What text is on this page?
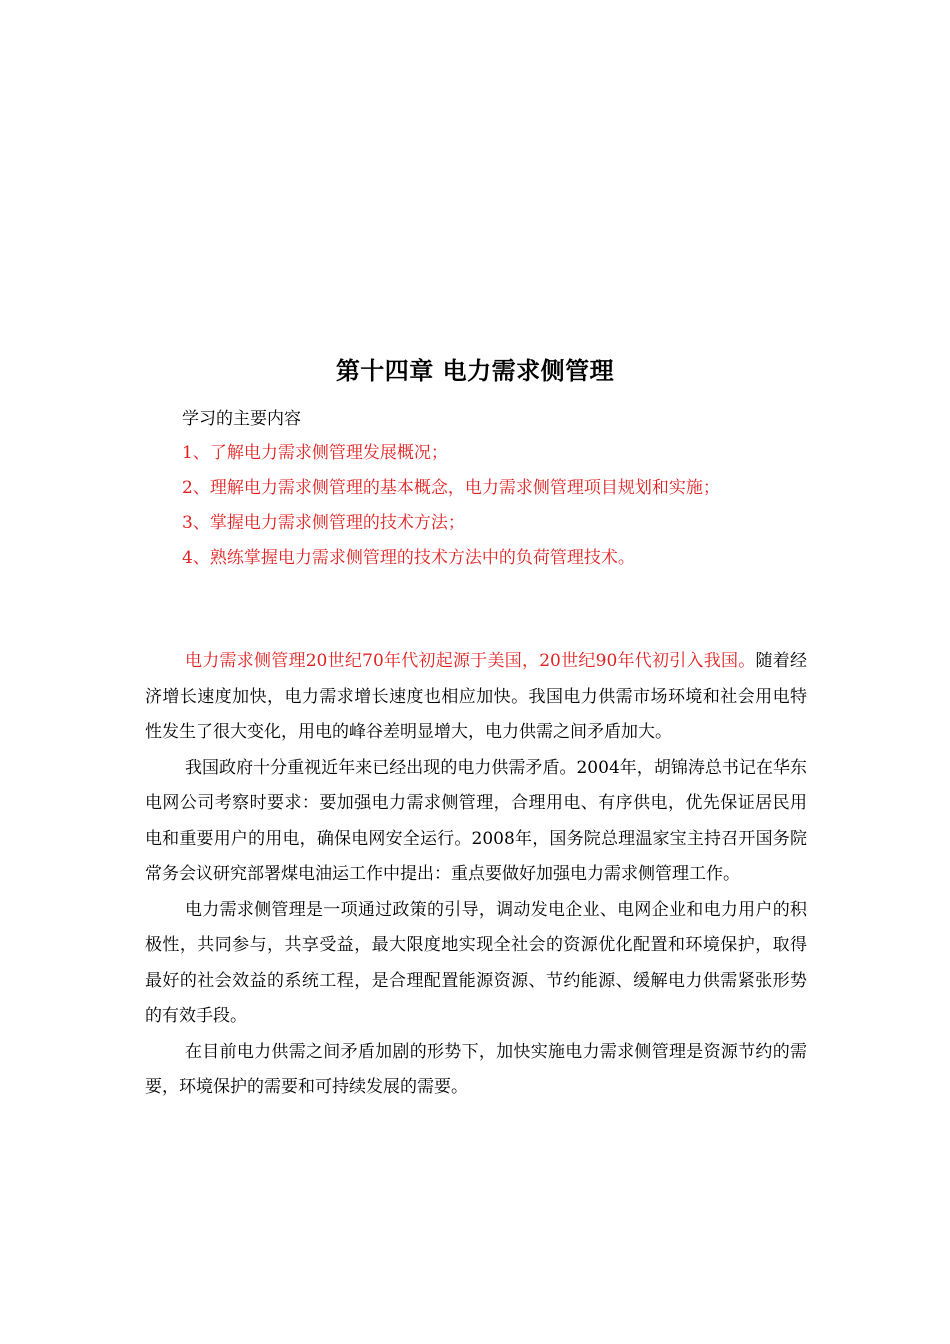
第十四章 电力需求侧管理
学习的主要内容
1、了解电力需求侧管理发展概况；
2、理解电力需求侧管理的基本概念，电力需求侧管理项目规划和实施；
3、掌握电力需求侧管理的技术方法；
4、熟练掌握电力需求侧管理的技术方法中的负荷管理技术。

电力需求侧管理20世纪70年代初起源于美国，20世纪90年代初引入我国。随着经济增长速度加快，电力需求增长速度也相应加快。我国电力供需市场环境和社会用电特性发生了很大变化，用电的峰谷差明显增大，电力供需之间矛盾加大。

我国政府十分重视近年来已经出现的电力供需矛盾。2004年，胡锦涛总书记在华东电网公司考察时要求：要加强电力需求侧管理，合理用电、有序供电，优先保证居民用电和重要用户的用电，确保电网安全运行。2008年，国务院总理温家宝主持召开国务院常务会议研究部署煤电油运工作中提出：重点要做好加强电力需求侧管理工作。

电力需求侧管理是一项通过政策的引导，调动发电企业、电网企业和电力用户的积极性，共同参与，共享受益，最大限度地实现全社会的资源优化配置和环境保护，取得最好的社会效益的系统工程，是合理配置能源资源、节约能源、缓解电力供需紧张形势的有效手段。

在目前电力供需之间矛盾加剧的形势下，加快实施电力需求侧管理是资源节约的需要，环境保护的需要和可持续发展的需要。
